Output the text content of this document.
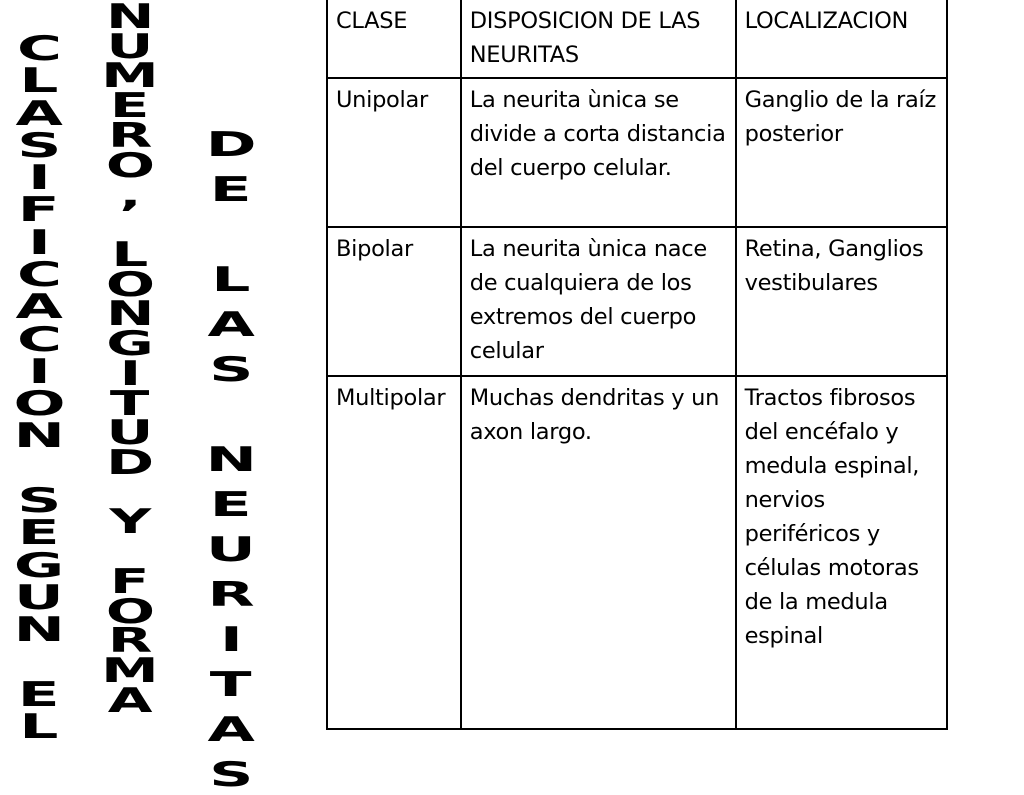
C
L
A
S
I
F
I
C
A
C
I
O
N

S
E
G
U
N

E
L
N
U
M
E
R
O
,

L
O
N
G
I
T
U
D

Y

F
O
R
M
A
D
E

L
A
S

N
E
U
R
I
T
A
S
CLASE	DISPOSICION DE LAS NEURITAS	LOCALIZACION
Unipolar	La neurita ùnica se divide a corta distancia del cuerpo celular.	Ganglio de la raíz posterior
Bipolar	La neurita ùnica nace de cualquiera de los extremos del cuerpo celular	Retina, Ganglios vestibulares
Multipolar	Muchas dendritas y un axon largo.	Tractos fibrosos del encéfalo y medula espinal, nervios periféricos y células motoras de la medula espinal
